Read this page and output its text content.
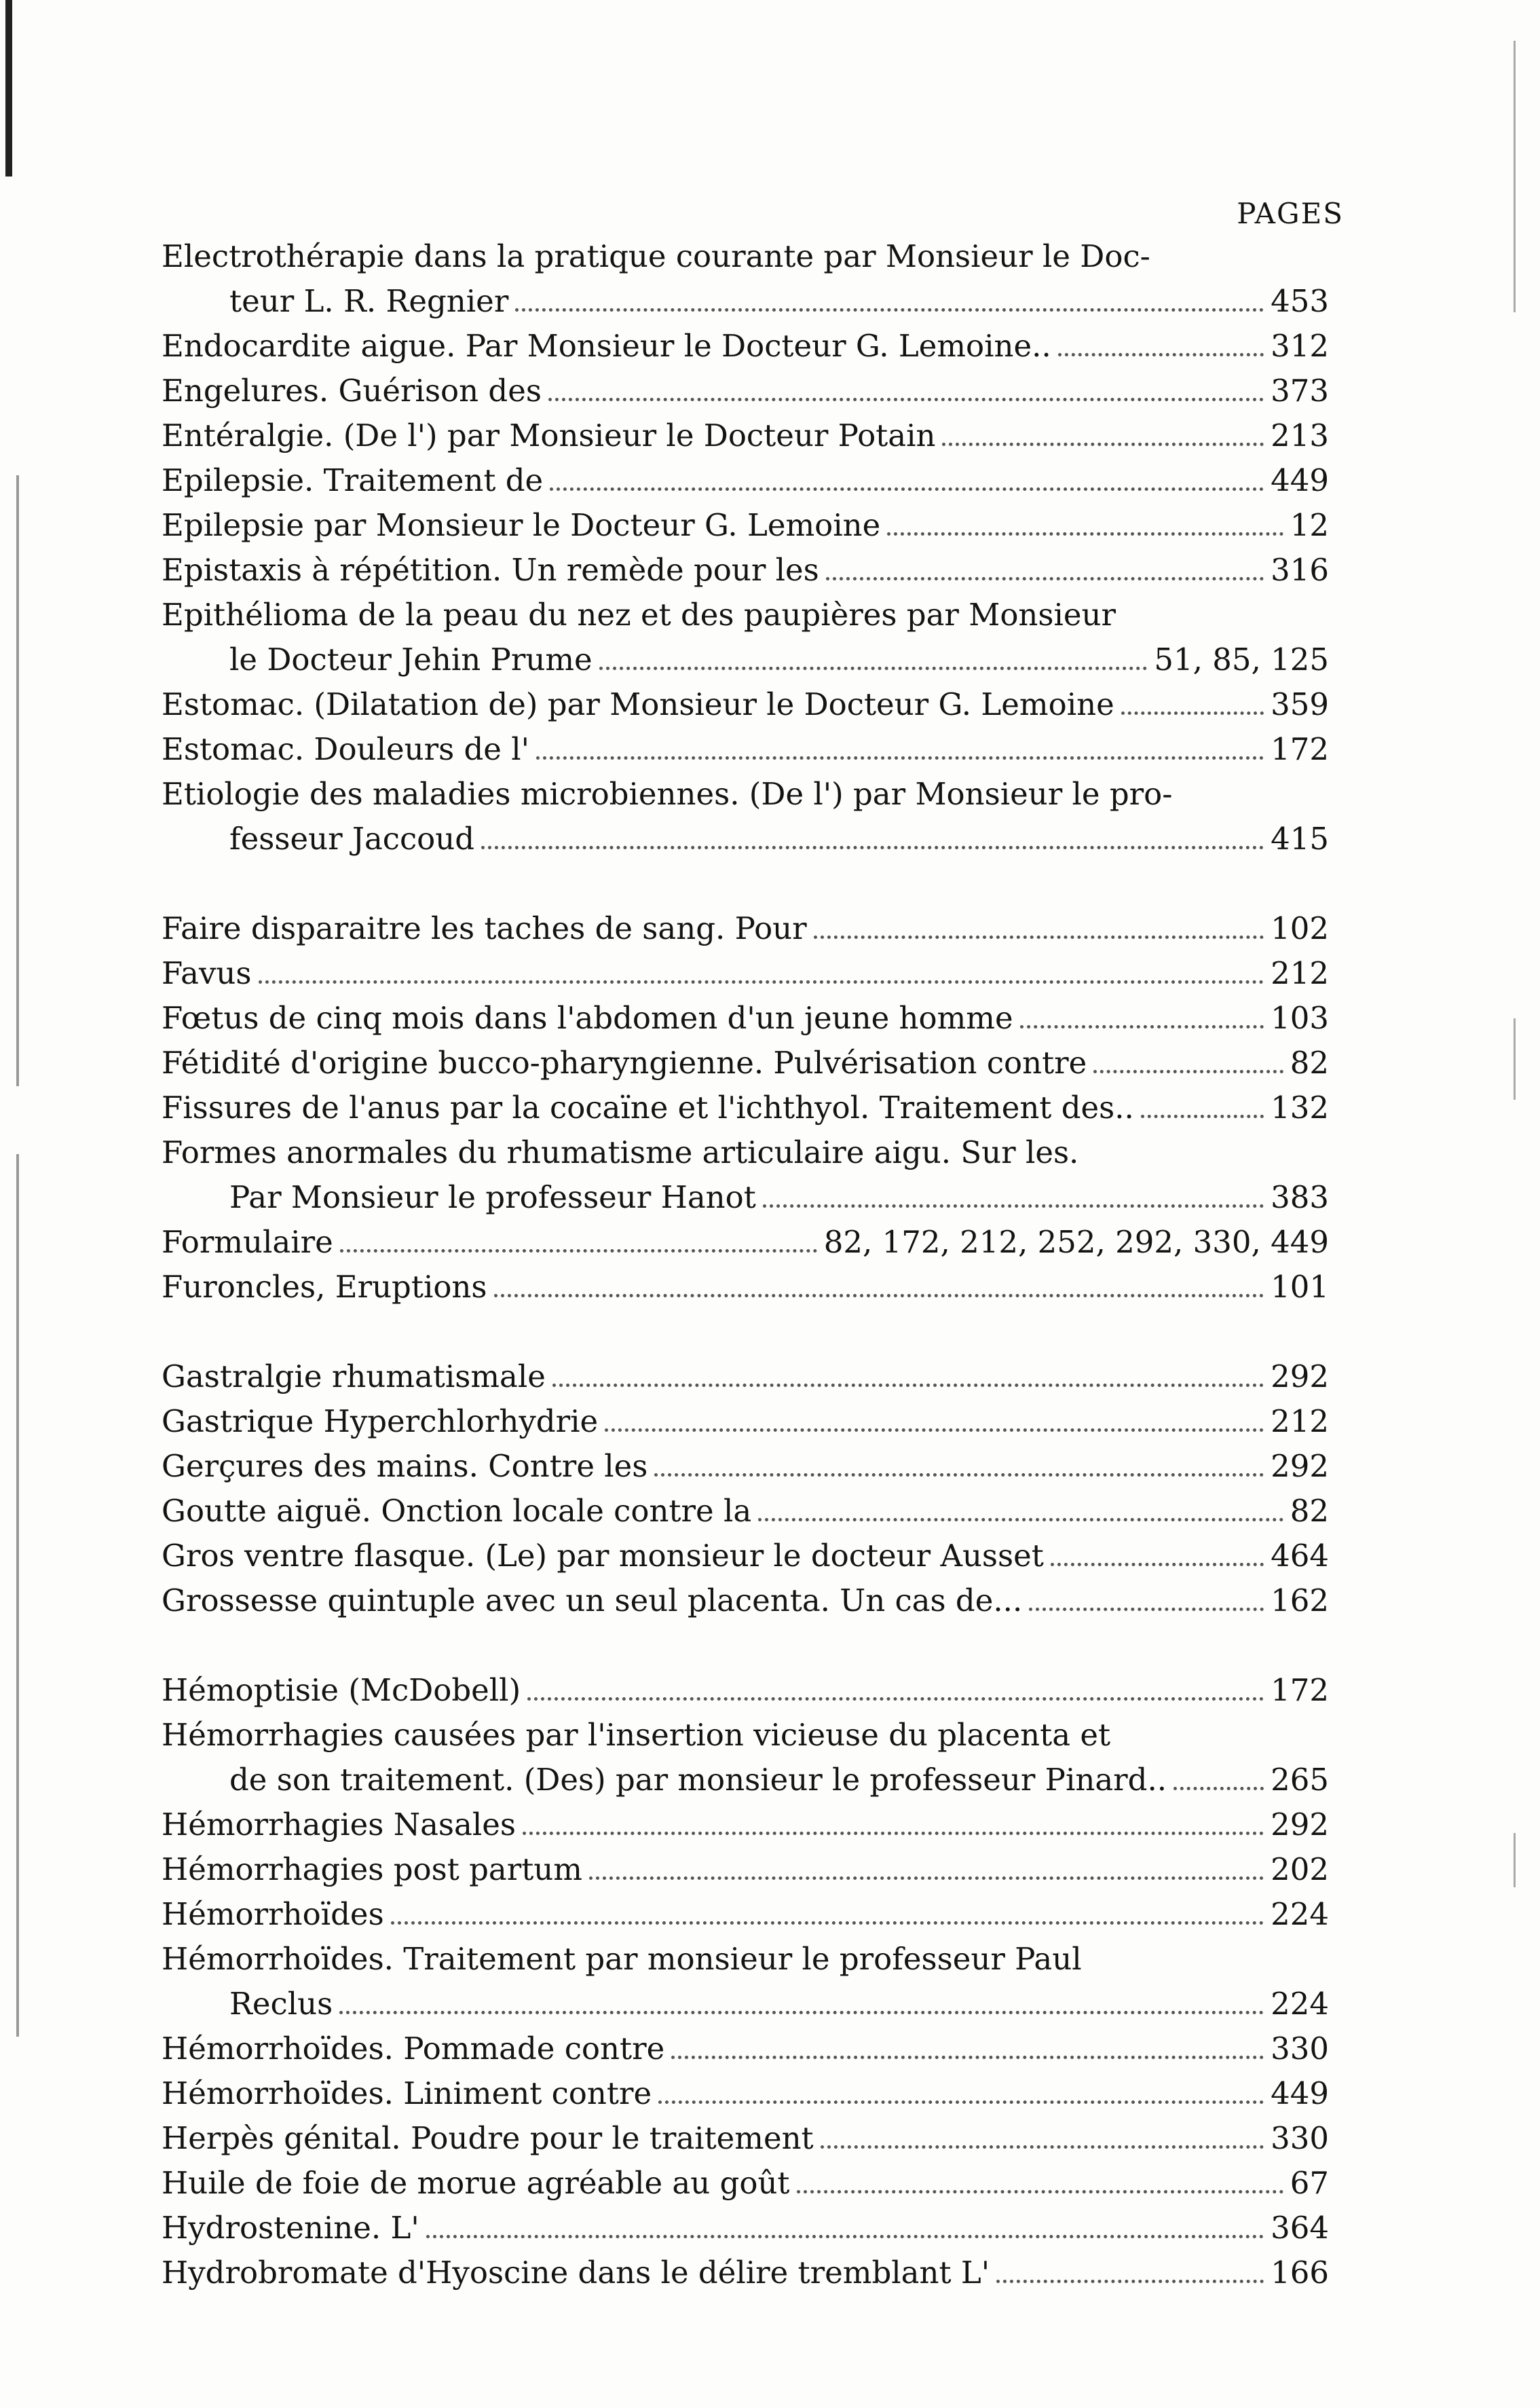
PAGES
Electrothérapie dans la pratique courante par Monsieur le Doc-
teur L. R. Regnier	453
Endocardite aigue. Par Monsieur le Docteur G. Lemoine..	312
Engelures. Guérison des	373
Entéralgie. (De l') par Monsieur le Docteur Potain	213
Epilepsie. Traitement de	449
Epilepsie par Monsieur le Docteur G. Lemoine	12
Epistaxis à répétition. Un remède pour les	316
Epithélioma de la peau du nez et des paupières par Monsieur
le Docteur Jehin Prume	51, 85, 125
Estomac. (Dilatation de) par Monsieur le Docteur G. Lemoine	359
Estomac. Douleurs de l'	172
Etiologie des maladies microbiennes. (De l') par Monsieur le pro-
fesseur Jaccoud	415
Faire disparaitre les taches de sang. Pour	102
Favus	212
Fœtus de cinq mois dans l'abdomen d'un jeune homme	103
Fétidité d'origine bucco-pharyngienne. Pulvérisation contre	82
Fissures de l'anus par la cocaïne et l'ichthyol. Traitement des..	132
Formes anormales du rhumatisme articulaire aigu. Sur les.
Par Monsieur le professeur Hanot	383
Formulaire	82, 172, 212, 252, 292, 330, 449
Furoncles, Eruptions	101
Gastralgie rhumatismale	292
Gastrique Hyperchlorhydrie	212
Gerçures des mains. Contre les	292
Goutte aiguë. Onction locale contre la	82
Gros ventre flasque. (Le) par monsieur le docteur Ausset	464
Grossesse quintuple avec un seul placenta. Un cas de...	162
Hémoptisie (McDobell)	172
Hémorrhagies causées par l'insertion vicieuse du placenta et
de son traitement. (Des) par monsieur le professeur Pinard..	265
Hémorrhagies Nasales	292
Hémorrhagies post partum	202
Hémorrhoïdes	224
Hémorrhoïdes. Traitement par monsieur le professeur Paul
Reclus	224
Hémorrhoïdes. Pommade contre	330
Hémorrhoïdes. Liniment contre	449
Herpès génital. Poudre pour le traitement	330
Huile de foie de morue agréable au goût	67
Hydrostenine. L'	364
Hydrobromate d'Hyoscine dans le délire tremblant L'	166
